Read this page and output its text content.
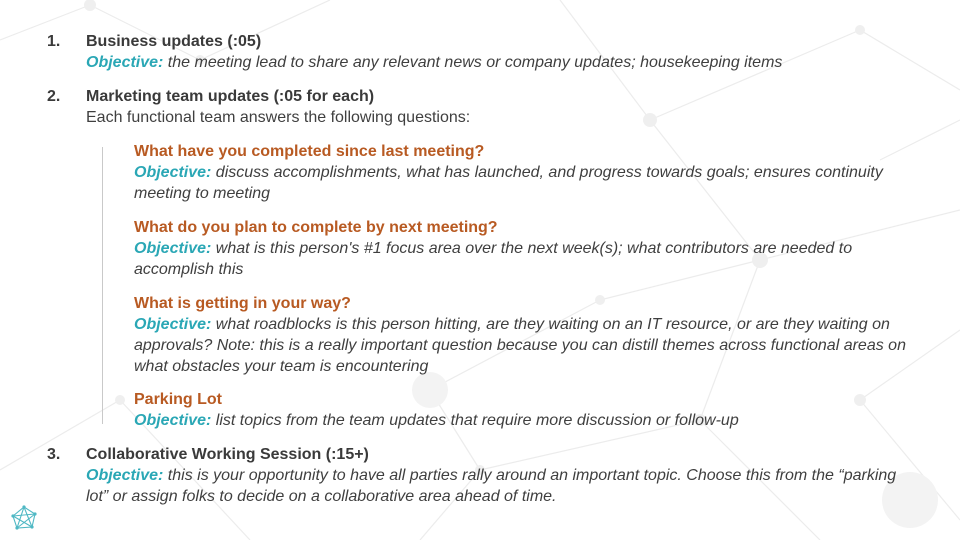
1. Business updates (:05)
Objective: the meeting lead to share any relevant news or company updates; housekeeping items
2. Marketing team updates (:05 for each)
Each functional team answers the following questions:
What have you completed since last meeting?
Objective: discuss accomplishments, what has launched, and progress towards goals; ensures continuity meeting to meeting
What do you plan to complete by next meeting?
Objective: what is this person's #1 focus area over the next week(s); what contributors are needed to accomplish this
What is getting in your way?
Objective: what roadblocks is this person hitting, are they waiting on an IT resource, or are they waiting on approvals? Note: this is a really important question because you can distill themes across functional areas on what obstacles your team is encountering
Parking Lot
Objective: list topics from the team updates that require more discussion or follow-up
3. Collaborative Working Session (:15+)
Objective: this is your opportunity to have all parties rally around an important topic. Choose this from the “parking lot” or assign folks to decide on a collaborative area ahead of time.
